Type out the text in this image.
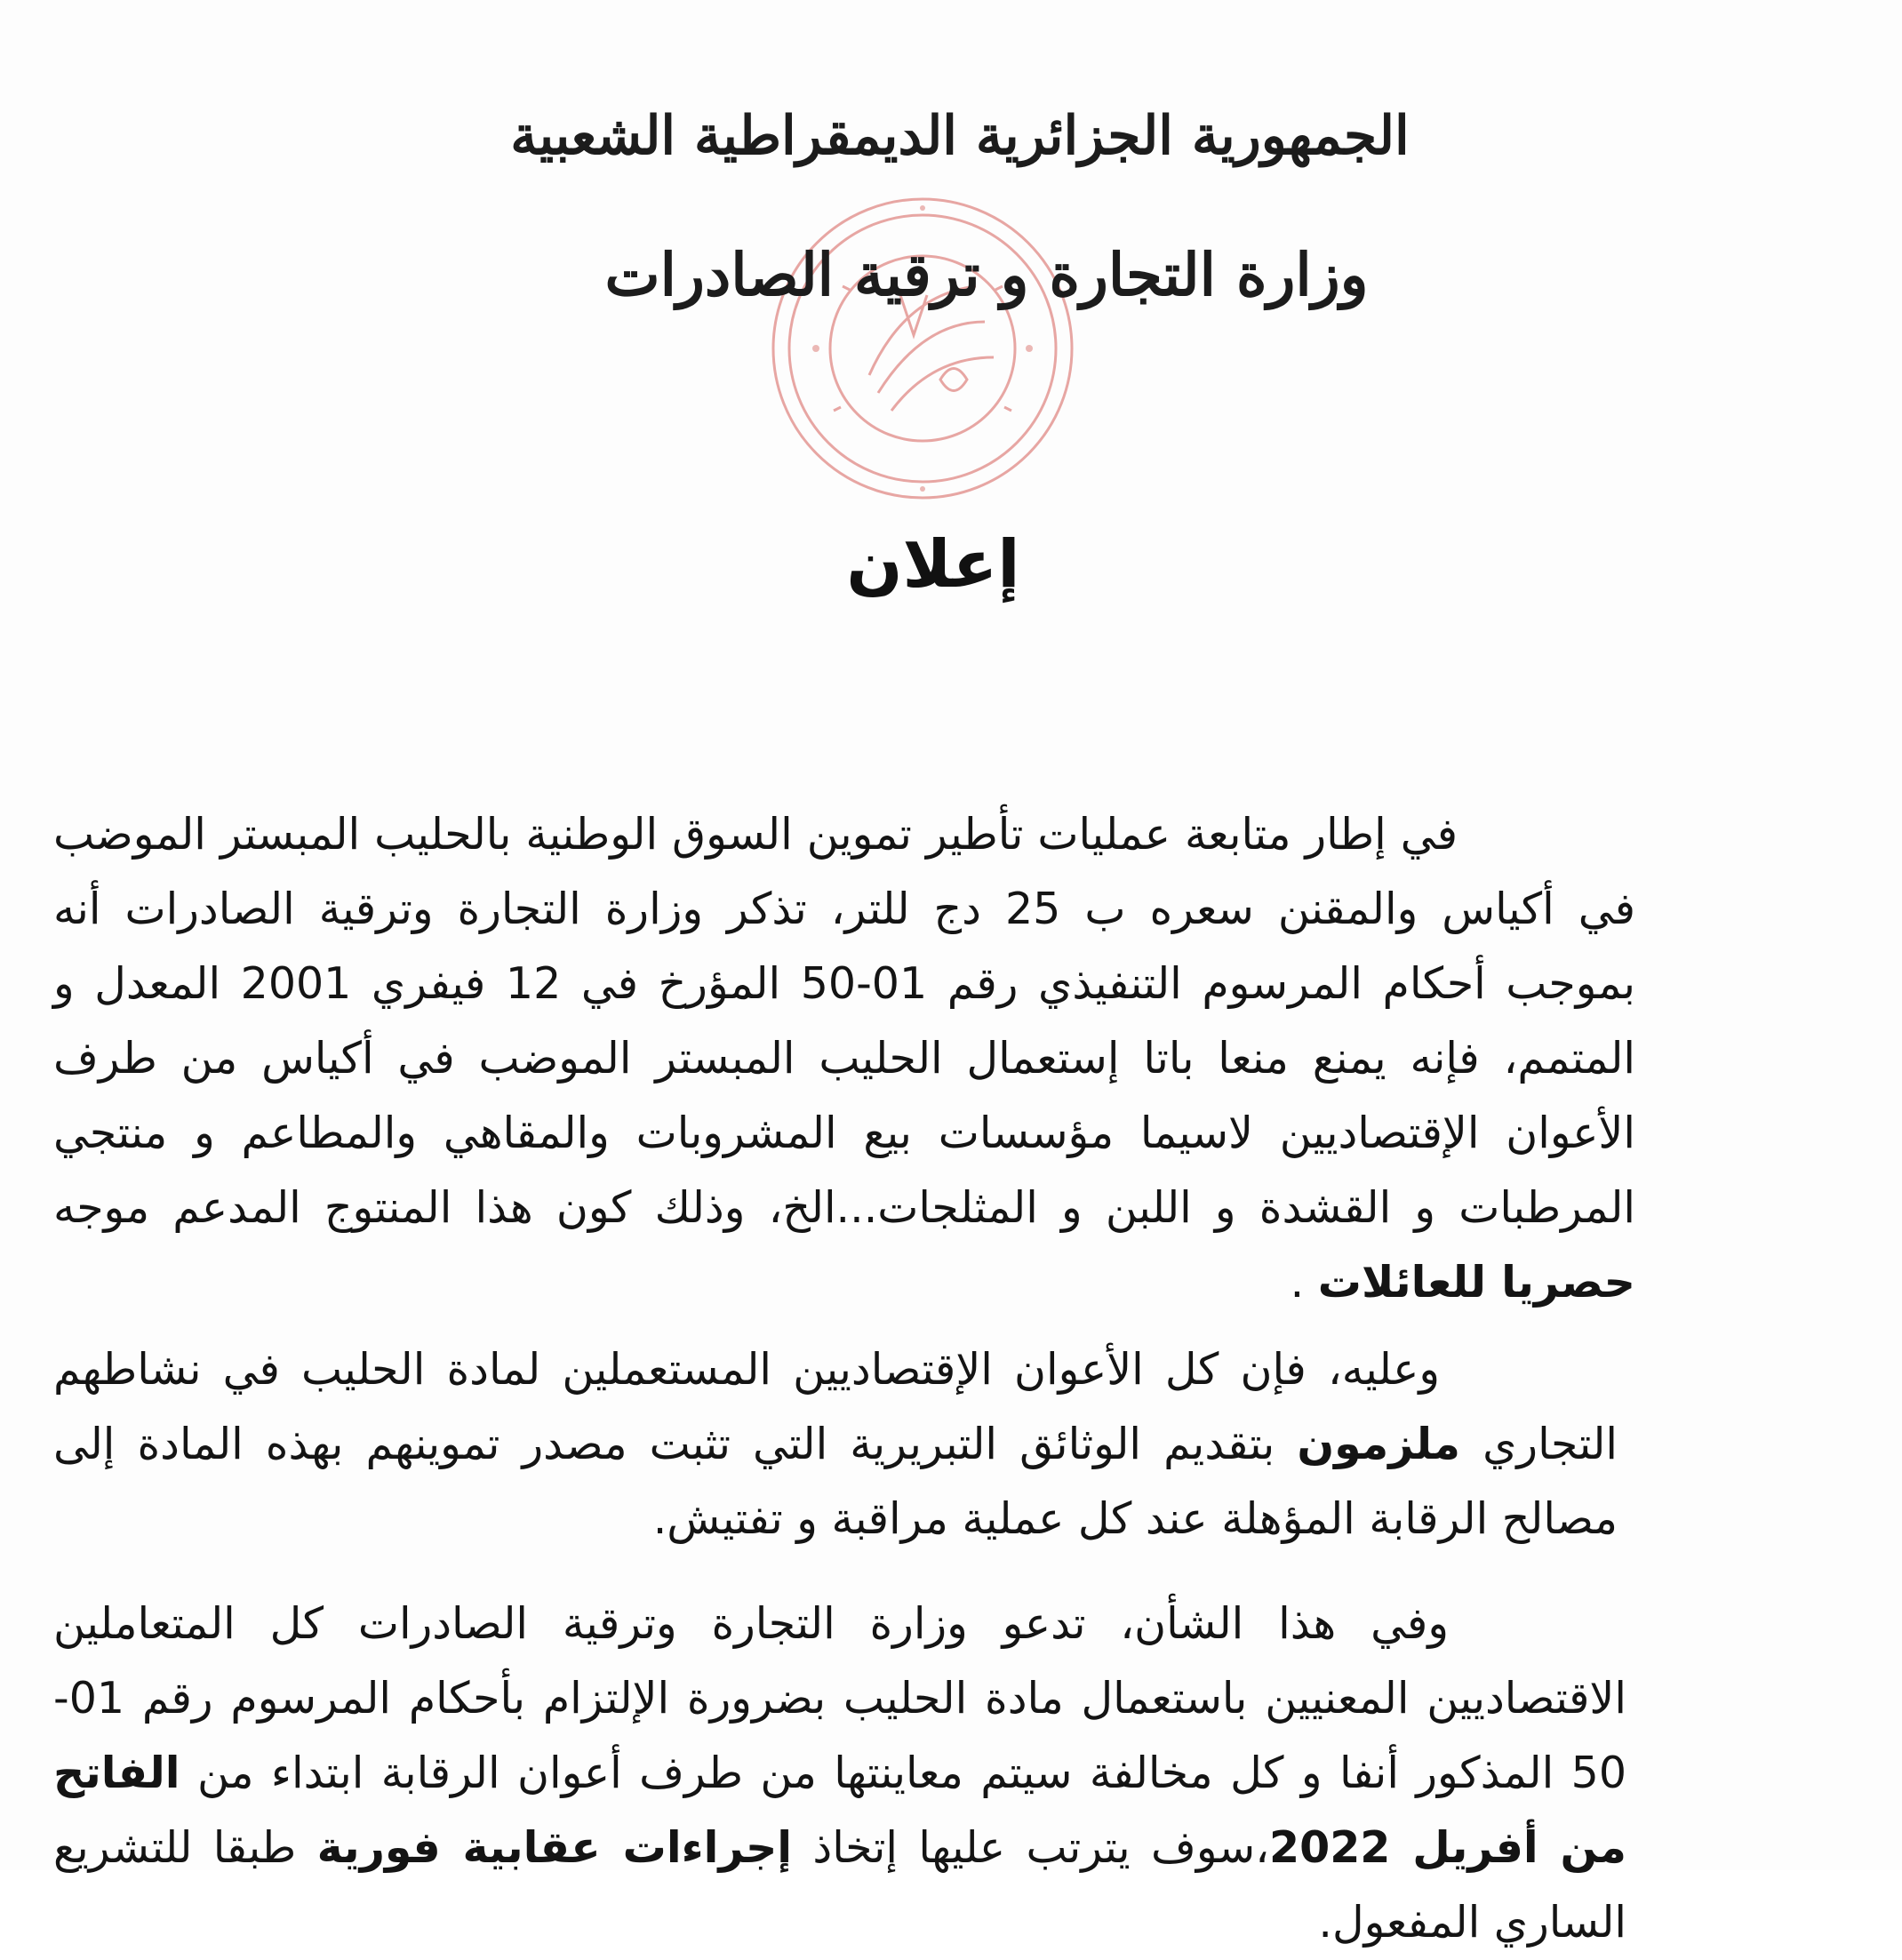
الجمهورية الجزائرية الديمقراطية الشعبية
وزارة التجارة و ترقية الصادرات
إعلان

في إطار متابعة عمليات تأطير تموين السوق الوطنية بالحليب المبستر الموضب في أكياس والمقنن سعره ب 25 دج للتر، تذكر وزارة التجارة وترقية الصادرات أنه بموجب أحكام المرسوم التنفيذي رقم 01-50 المؤرخ في 12 فيفري 2001 المعدل و المتمم، فإنه يمنع منعا باتا إستعمال الحليب المبستر الموضب في أكياس من طرف الأعوان الإقتصاديين لاسيما مؤسسات بيع المشروبات والمقاهي والمطاعم و منتجي المرطبات و القشدة و اللبن و المثلجات...الخ، وذلك كون هذا المنتوج المدعم موجه حصريا للعائلات .

وعليه، فإن كل الأعوان الإقتصاديين المستعملين لمادة الحليب في نشاطهم التجاري ملزمون بتقديم الوثائق التبريرية التي تثبت مصدر تموينهم بهذه المادة إلى مصالح الرقابة المؤهلة عند كل عملية مراقبة و تفتيش.

وفي هذا الشأن، تدعو وزارة التجارة وترقية الصادرات كل المتعاملين الاقتصاديين المعنيين باستعمال مادة الحليب بضرورة الإلتزام بأحكام المرسوم رقم 01-50 المذكور أنفا و كل مخالفة سيتم معاينتها من طرف أعوان الرقابة ابتداء من الفاتح من أفريل 2022،سوف يترتب عليها إتخاذ إجراءات عقابية فورية طبقا للتشريع الساري المفعول.
